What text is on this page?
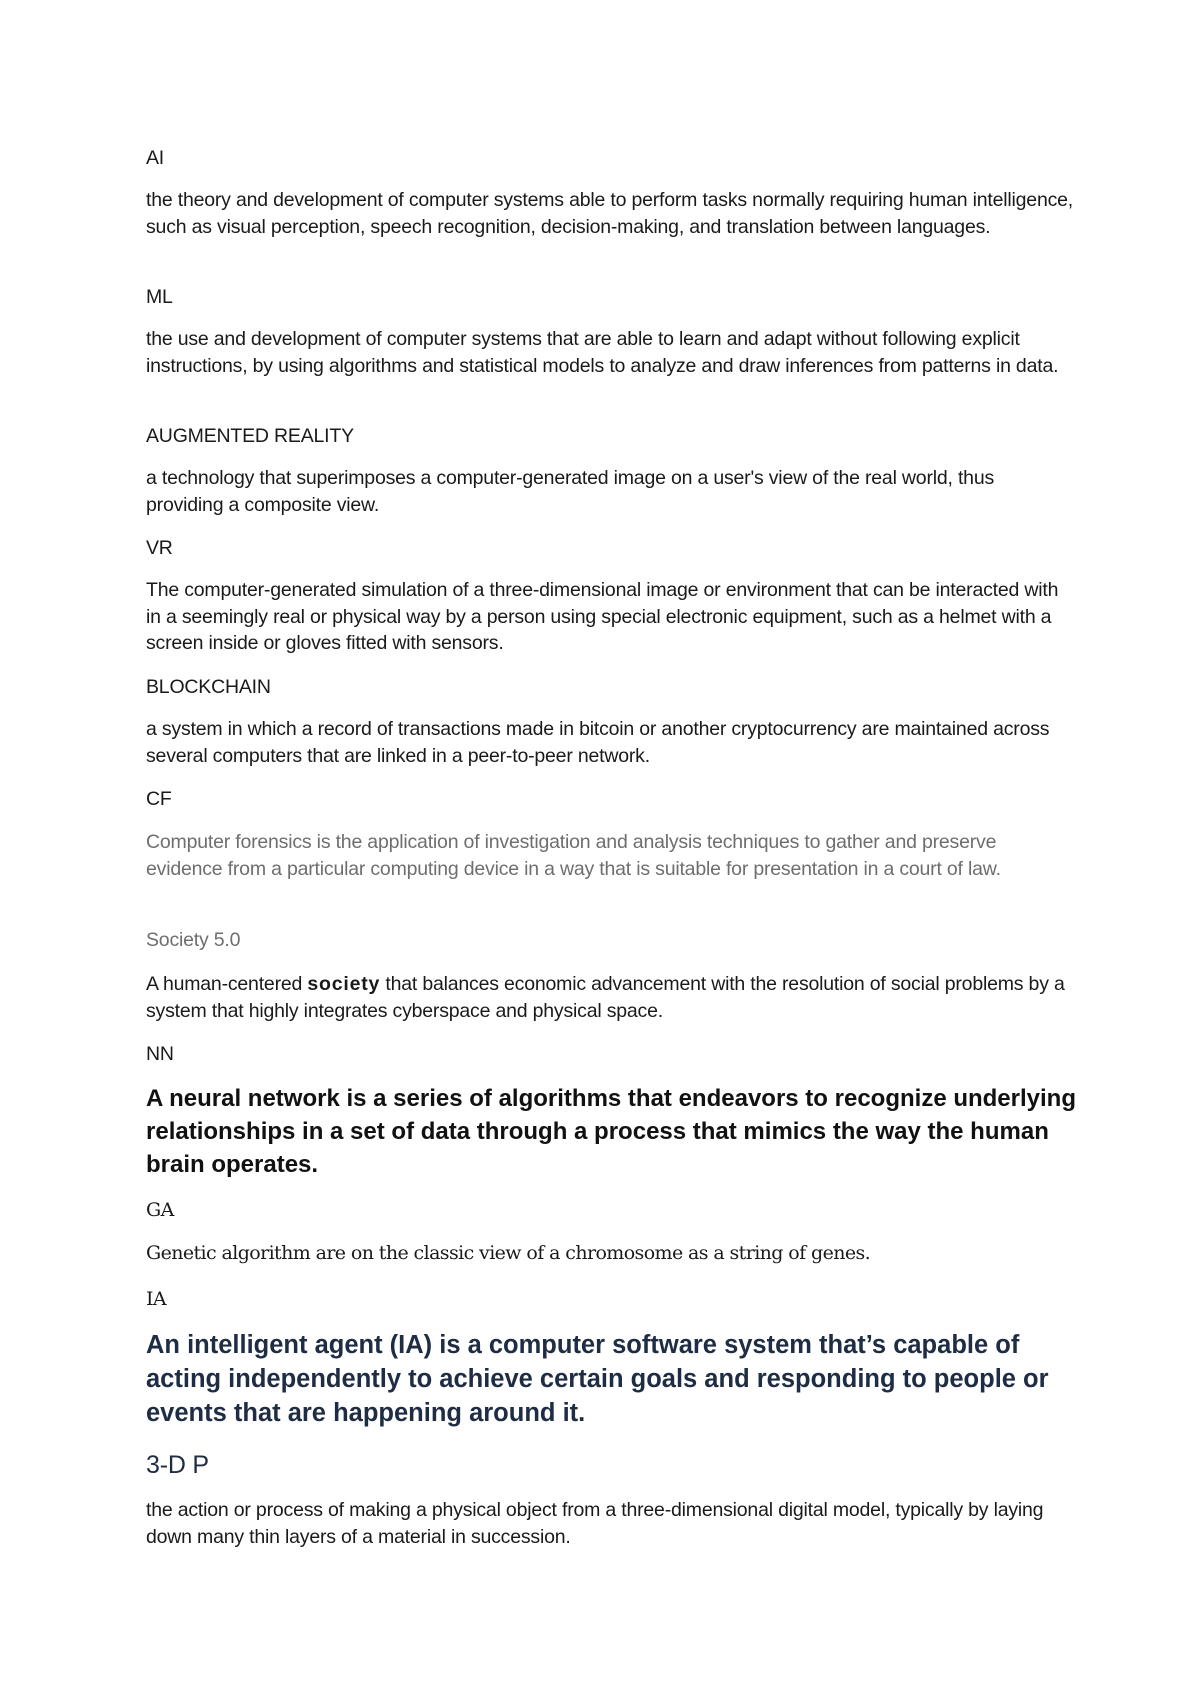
AI

the theory and development of computer systems able to perform tasks normally requiring human intelligence, such as visual perception, speech recognition, decision-making, and translation between languages.

ML

the use and development of computer systems that are able to learn and adapt without following explicit instructions, by using algorithms and statistical models to analyze and draw inferences from patterns in data.

AUGMENTED REALITY

a technology that superimposes a computer-generated image on a user's view of the real world, thus providing a composite view.

VR

The computer-generated simulation of a three-dimensional image or environment that can be interacted with in a seemingly real or physical way by a person using special electronic equipment, such as a helmet with a screen inside or gloves fitted with sensors.

BLOCKCHAIN

a system in which a record of transactions made in bitcoin or another cryptocurrency are maintained across several computers that are linked in a peer-to-peer network.

CF

Computer forensics is the application of investigation and analysis techniques to gather and preserve evidence from a particular computing device in a way that is suitable for presentation in a court of law.

Society 5.0

A human-centered society that balances economic advancement with the resolution of social problems by a system that highly integrates cyberspace and physical space.

NN

A neural network is a series of algorithms that endeavors to recognize underlying relationships in a set of data through a process that mimics the way the human brain operates.

GA

Genetic algorithm are on the classic view of a chromosome as a string of genes.

IA

An intelligent agent (IA) is a computer software system that’s capable of acting independently to achieve certain goals and responding to people or events that are happening around it.

3-D P

the action or process of making a physical object from a three-dimensional digital model, typically by laying down many thin layers of a material in succession.
